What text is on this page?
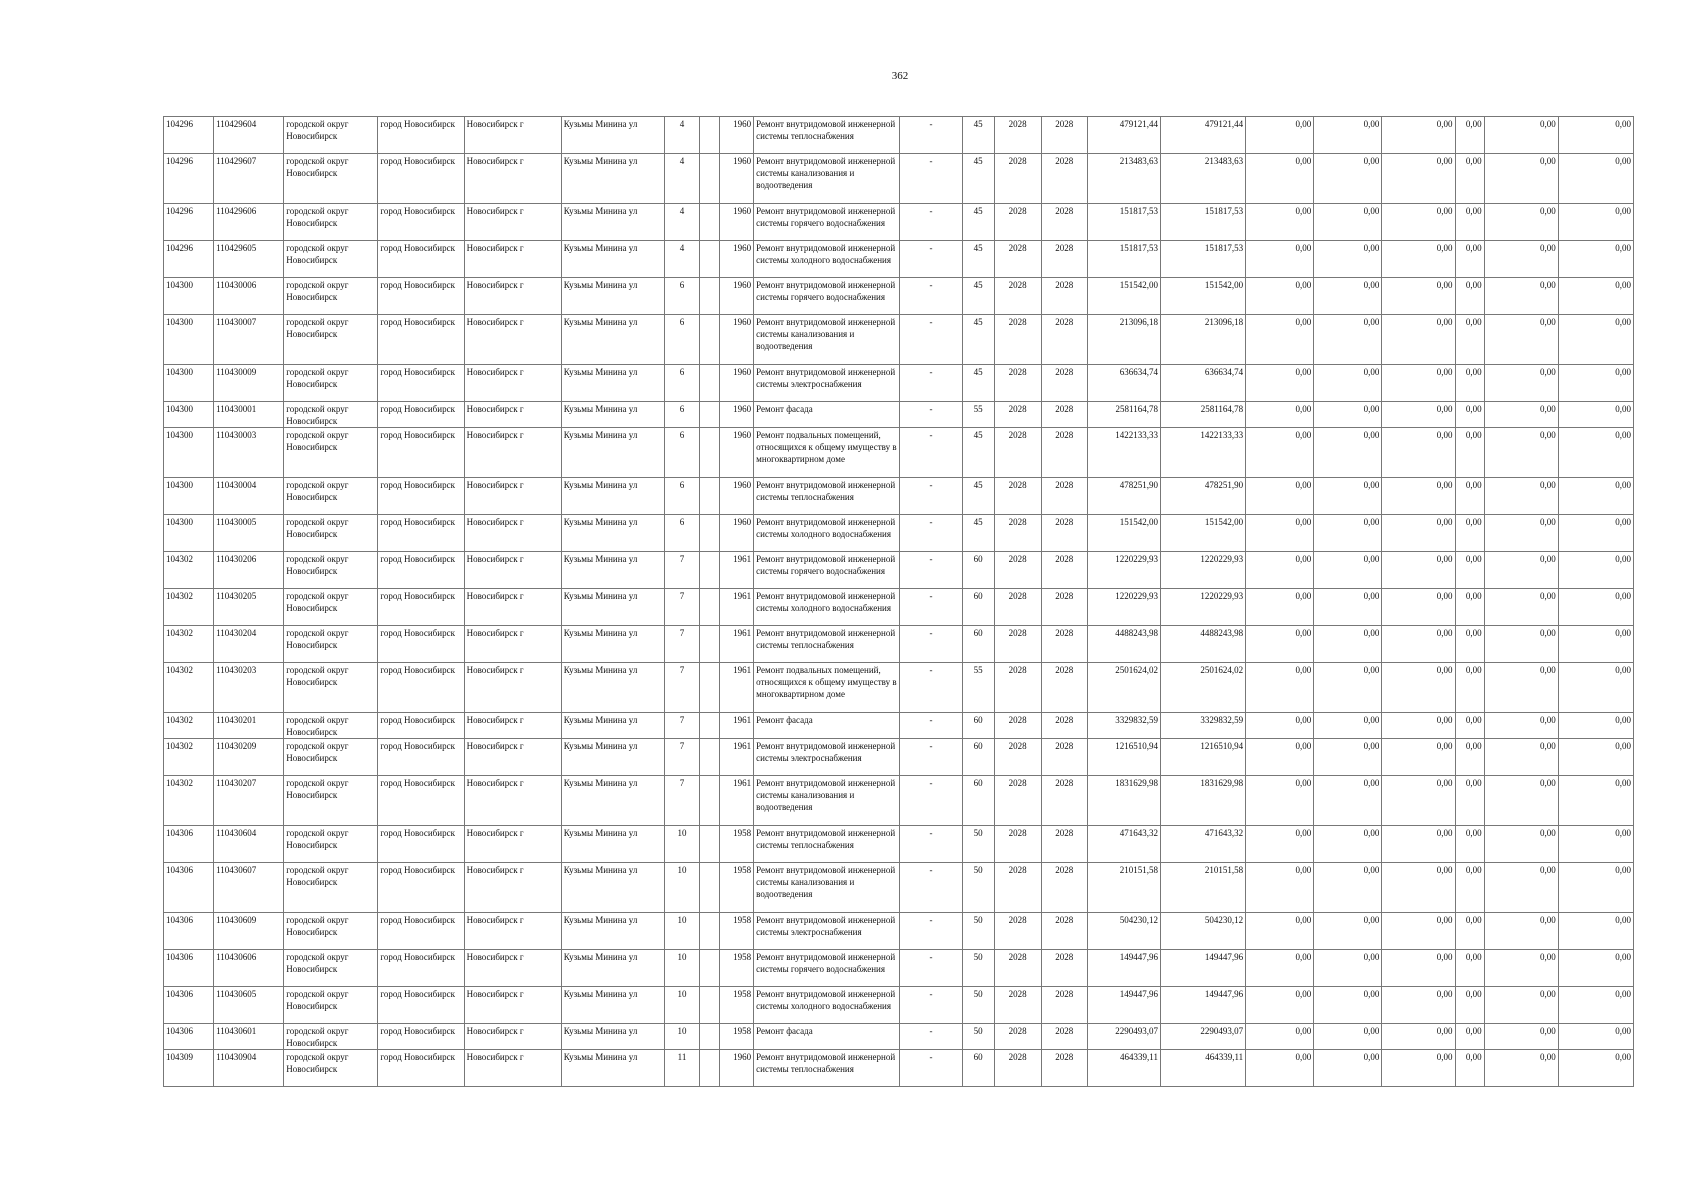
362
104296	110429604	городской округ Новосибирск	город Новосибирск	Новосибирск г	Кузьмы Минина ул	4		1960	Ремонт внутридомовой инженерной системы теплоснабжения	-	45	2028	2028	479121,44	479121,44	0,00	0,00	0,00	0,00	0,00	0,00
104296	110429607	городской округ Новосибирск	город Новосибирск	Новосибирск г	Кузьмы Минина ул	4		1960	Ремонт внутридомовой инженерной системы канализования и водоотведения	-	45	2028	2028	213483,63	213483,63	0,00	0,00	0,00	0,00	0,00	0,00
104296	110429606	городской округ Новосибирск	город Новосибирск	Новосибирск г	Кузьмы Минина ул	4		1960	Ремонт внутридомовой инженерной системы горячего водоснабжения	-	45	2028	2028	151817,53	151817,53	0,00	0,00	0,00	0,00	0,00	0,00
104296	110429605	городской округ Новосибирск	город Новосибирск	Новосибирск г	Кузьмы Минина ул	4		1960	Ремонт внутридомовой инженерной системы холодного водоснабжения	-	45	2028	2028	151817,53	151817,53	0,00	0,00	0,00	0,00	0,00	0,00
104300	110430006	городской округ Новосибирск	город Новосибирск	Новосибирск г	Кузьмы Минина ул	6		1960	Ремонт внутридомовой инженерной системы горячего водоснабжения	-	45	2028	2028	151542,00	151542,00	0,00	0,00	0,00	0,00	0,00	0,00
104300	110430007	городской округ Новосибирск	город Новосибирск	Новосибирск г	Кузьмы Минина ул	6		1960	Ремонт внутридомовой инженерной системы канализования и водоотведения	-	45	2028	2028	213096,18	213096,18	0,00	0,00	0,00	0,00	0,00	0,00
104300	110430009	городской округ Новосибирск	город Новосибирск	Новосибирск г	Кузьмы Минина ул	6		1960	Ремонт внутридомовой инженерной системы электроснабжения	-	45	2028	2028	636634,74	636634,74	0,00	0,00	0,00	0,00	0,00	0,00
104300	110430001	городской округ Новосибирск	город Новосибирск	Новосибирск г	Кузьмы Минина ул	6		1960	Ремонт фасада	-	55	2028	2028	2581164,78	2581164,78	0,00	0,00	0,00	0,00	0,00	0,00
104300	110430003	городской округ Новосибирск	город Новосибирск	Новосибирск г	Кузьмы Минина ул	6		1960	Ремонт подвальных помещений, относящихся к общему имуществу в многоквартирном доме	-	45	2028	2028	1422133,33	1422133,33	0,00	0,00	0,00	0,00	0,00	0,00
104300	110430004	городской округ Новосибирск	город Новосибирск	Новосибирск г	Кузьмы Минина ул	6		1960	Ремонт внутридомовой инженерной системы теплоснабжения	-	45	2028	2028	478251,90	478251,90	0,00	0,00	0,00	0,00	0,00	0,00
104300	110430005	городской округ Новосибирск	город Новосибирск	Новосибирск г	Кузьмы Минина ул	6		1960	Ремонт внутридомовой инженерной системы холодного водоснабжения	-	45	2028	2028	151542,00	151542,00	0,00	0,00	0,00	0,00	0,00	0,00
104302	110430206	городской округ Новосибирск	город Новосибирск	Новосибирск г	Кузьмы Минина ул	7		1961	Ремонт внутридомовой инженерной системы горячего водоснабжения	-	60	2028	2028	1220229,93	1220229,93	0,00	0,00	0,00	0,00	0,00	0,00
104302	110430205	городской округ Новосибирск	город Новосибирск	Новосибирск г	Кузьмы Минина ул	7		1961	Ремонт внутридомовой инженерной системы холодного водоснабжения	-	60	2028	2028	1220229,93	1220229,93	0,00	0,00	0,00	0,00	0,00	0,00
104302	110430204	городской округ Новосибирск	город Новосибирск	Новосибирск г	Кузьмы Минина ул	7		1961	Ремонт внутридомовой инженерной системы теплоснабжения	-	60	2028	2028	4488243,98	4488243,98	0,00	0,00	0,00	0,00	0,00	0,00
104302	110430203	городской округ Новосибирск	город Новосибирск	Новосибирск г	Кузьмы Минина ул	7		1961	Ремонт подвальных помещений, относящихся к общему имуществу в многоквартирном доме	-	55	2028	2028	2501624,02	2501624,02	0,00	0,00	0,00	0,00	0,00	0,00
104302	110430201	городской округ Новосибирск	город Новосибирск	Новосибирск г	Кузьмы Минина ул	7		1961	Ремонт фасада	-	60	2028	2028	3329832,59	3329832,59	0,00	0,00	0,00	0,00	0,00	0,00
104302	110430209	городской округ Новосибирск	город Новосибирск	Новосибирск г	Кузьмы Минина ул	7		1961	Ремонт внутридомовой инженерной системы электроснабжения	-	60	2028	2028	1216510,94	1216510,94	0,00	0,00	0,00	0,00	0,00	0,00
104302	110430207	городской округ Новосибирск	город Новосибирск	Новосибирск г	Кузьмы Минина ул	7		1961	Ремонт внутридомовой инженерной системы канализования и водоотведения	-	60	2028	2028	1831629,98	1831629,98	0,00	0,00	0,00	0,00	0,00	0,00
104306	110430604	городской округ Новосибирск	город Новосибирск	Новосибирск г	Кузьмы Минина ул	10		1958	Ремонт внутридомовой инженерной системы теплоснабжения	-	50	2028	2028	471643,32	471643,32	0,00	0,00	0,00	0,00	0,00	0,00
104306	110430607	городской округ Новосибирск	город Новосибирск	Новосибирск г	Кузьмы Минина ул	10		1958	Ремонт внутридомовой инженерной системы канализования и водоотведения	-	50	2028	2028	210151,58	210151,58	0,00	0,00	0,00	0,00	0,00	0,00
104306	110430609	городской округ Новосибирск	город Новосибирск	Новосибирск г	Кузьмы Минина ул	10		1958	Ремонт внутридомовой инженерной системы электроснабжения	-	50	2028	2028	504230,12	504230,12	0,00	0,00	0,00	0,00	0,00	0,00
104306	110430606	городской округ Новосибирск	город Новосибирск	Новосибирск г	Кузьмы Минина ул	10		1958	Ремонт внутридомовой инженерной системы горячего водоснабжения	-	50	2028	2028	149447,96	149447,96	0,00	0,00	0,00	0,00	0,00	0,00
104306	110430605	городской округ Новосибирск	город Новосибирск	Новосибирск г	Кузьмы Минина ул	10		1958	Ремонт внутридомовой инженерной системы холодного водоснабжения	-	50	2028	2028	149447,96	149447,96	0,00	0,00	0,00	0,00	0,00	0,00
104306	110430601	городской округ Новосибирск	город Новосибирск	Новосибирск г	Кузьмы Минина ул	10		1958	Ремонт фасада	-	50	2028	2028	2290493,07	2290493,07	0,00	0,00	0,00	0,00	0,00	0,00
104309	110430904	городской округ Новосибирск	город Новосибирск	Новосибирск г	Кузьмы Минина ул	11		1960	Ремонт внутридомовой инженерной системы теплоснабжения	-	60	2028	2028	464339,11	464339,11	0,00	0,00	0,00	0,00	0,00	0,00
